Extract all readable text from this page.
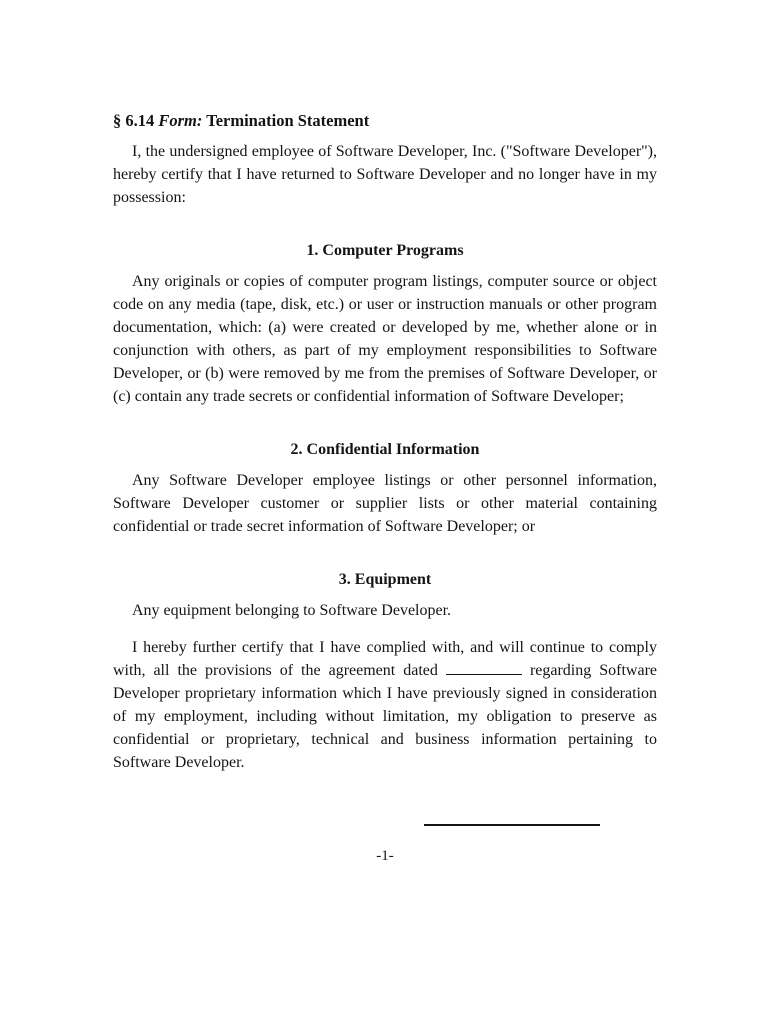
§ 6.14 Form: Termination Statement

I, the undersigned employee of Software Developer, Inc. ("Software Developer"), hereby certify that I have returned to Software Developer and no longer have in my possession:

1. Computer Programs

Any originals or copies of computer program listings, computer source or object code on any media (tape, disk, etc.) or user or instruction manuals or other program documentation, which: (a) were created or developed by me, whether alone or in conjunction with others, as part of my employment responsibilities to Software Developer, or (b) were removed by me from the premises of Software Developer, or (c) contain any trade secrets or confidential information of Software Developer;

2. Confidential Information

Any Software Developer employee listings or other personnel information, Software Developer customer or supplier lists or other material containing confidential or trade secret information of Software Developer; or

3. Equipment

Any equipment belonging to Software Developer.

I hereby further certify that I have complied with, and will continue to comply with, all the provisions of the agreement dated	regarding Software Developer proprietary information which I have previously signed in consideration of my employment, including without limitation, my obligation to preserve as confidential or proprietary, technical and business information pertaining to Software Developer.

-1-
